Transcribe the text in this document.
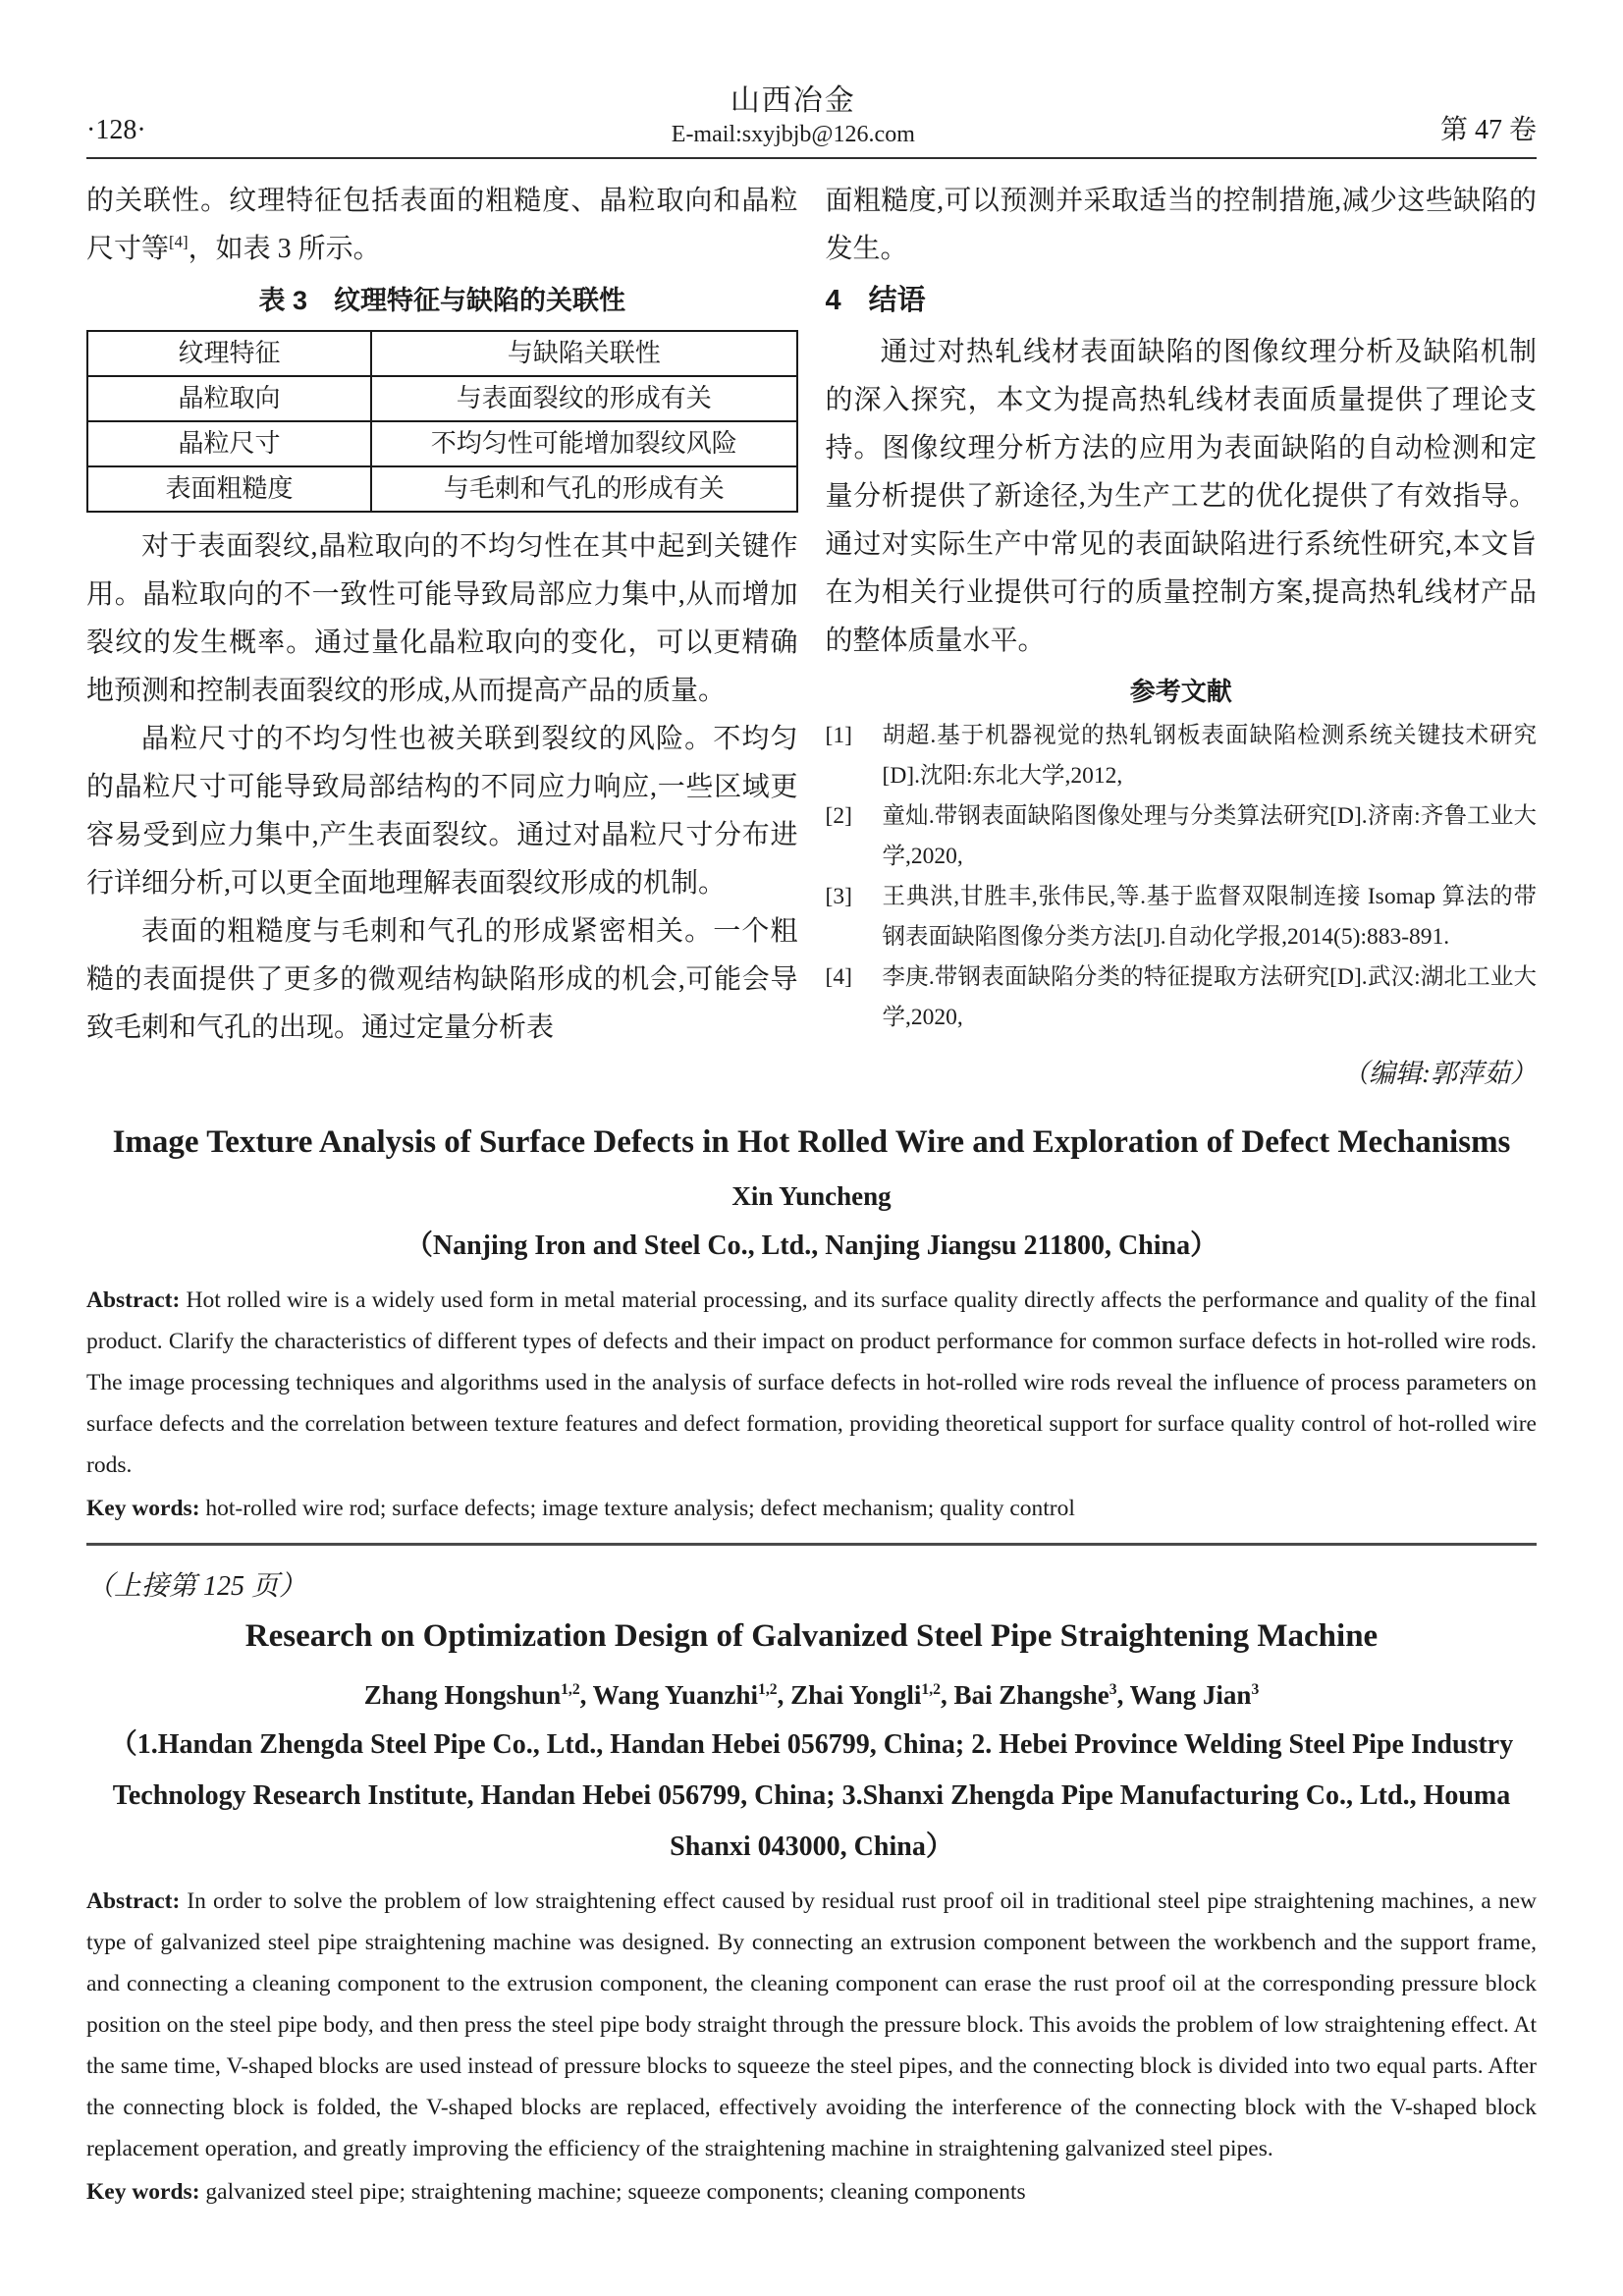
·128·
山西冶金
E-mail:sxyjbjb@126.com	第 47 卷

的关联性。纹理特征包括表面的粗糙度、晶粒取向和晶粒尺寸等[4]，如表 3 所示。

表 3　纹理特征与缺陷的关联性
纹理特征	与缺陷关联性
晶粒取向	与表面裂纹的形成有关
晶粒尺寸	不均匀性可能增加裂纹风险
表面粗糙度	与毛刺和气孔的形成有关

对于表面裂纹,晶粒取向的不均匀性在其中起到关键作用。晶粒取向的不一致性可能导致局部应力集中,从而增加裂纹的发生概率。通过量化晶粒取向的变化，可以更精确地预测和控制表面裂纹的形成,从而提高产品的质量。

晶粒尺寸的不均匀性也被关联到裂纹的风险。不均匀的晶粒尺寸可能导致局部结构的不同应力响应,一些区域更容易受到应力集中,产生表面裂纹。通过对晶粒尺寸分布进行详细分析,可以更全面地理解表面裂纹形成的机制。

表面的粗糙度与毛刺和气孔的形成紧密相关。一个粗糙的表面提供了更多的微观结构缺陷形成的机会,可能会导致毛刺和气孔的出现。通过定量分析表

面粗糙度,可以预测并采取适当的控制措施,减少这些缺陷的发生。

4 结语

通过对热轧线材表面缺陷的图像纹理分析及缺陷机制的深入探究，本文为提高热轧线材表面质量提供了理论支持。图像纹理分析方法的应用为表面缺陷的自动检测和定量分析提供了新途径,为生产工艺的优化提供了有效指导。通过对实际生产中常见的表面缺陷进行系统性研究,本文旨在为相关行业提供可行的质量控制方案,提高热轧线材产品的整体质量水平。

参考文献
[1]	胡超.基于机器视觉的热轧钢板表面缺陷检测系统关键技术研究[D].沈阳:东北大学,2012,
[2]	童灿.带钢表面缺陷图像处理与分类算法研究[D].济南:齐鲁工业大学,2020,
[3]	王典洪,甘胜丰,张伟民,等.基于监督双限制连接 Isomap 算法的带钢表面缺陷图像分类方法[J].自动化学报,2014(5):883-891.
[4]	李庚.带钢表面缺陷分类的特征提取方法研究[D].武汉:湖北工业大学,2020,
（编辑:郭萍茹）
Image Texture Analysis of Surface Defects in Hot Rolled Wire and Exploration of Defect Mechanisms
Xin Yuncheng
（Nanjing Iron and Steel Co., Ltd., Nanjing Jiangsu 211800, China）
Abstract: Hot rolled wire is a widely used form in metal material processing, and its surface quality directly affects the performance and quality of the final product. Clarify the characteristics of different types of defects and their impact on product performance for common surface defects in hot-rolled wire rods. The image processing techniques and algorithms used in the analysis of surface defects in hot-rolled wire rods reveal the influence of process parameters on surface defects and the correlation between texture features and defect formation, providing theoretical support for surface quality control of hot-rolled wire rods.
Key words: hot-rolled wire rod; surface defects; image texture analysis; defect mechanism; quality control
（上接第 125 页）
Research on Optimization Design of Galvanized Steel Pipe Straightening Machine
Zhang Hongshun$^{1,2}$, Wang Yuanzhi$^{1,2}$, Zhai Yongli$^{1,2}$, Bai Zhangshe$^3$, Wang Jian$^3$
（1.Handan Zhengda Steel Pipe Co., Ltd., Handan Hebei 056799, China; 2. Hebei Province Welding Steel Pipe Industry Technology Research Institute, Handan Hebei 056799, China; 3.Shanxi Zhengda Pipe Manufacturing Co., Ltd., Houma Shanxi 043000, China）
Abstract: In order to solve the problem of low straightening effect caused by residual rust proof oil in traditional steel pipe straightening machines, a new type of galvanized steel pipe straightening machine was designed. By connecting an extrusion component between the workbench and the support frame, and connecting a cleaning component to the extrusion component, the cleaning component can erase the rust proof oil at the corresponding pressure block position on the steel pipe body, and then press the steel pipe body straight through the pressure block. This avoids the problem of low straightening effect. At the same time, V-shaped blocks are used instead of pressure blocks to squeeze the steel pipes, and the connecting block is divided into two equal parts. After the connecting block is folded, the V-shaped blocks are replaced, effectively avoiding the interference of the connecting block with the V-shaped block replacement operation, and greatly improving the efficiency of the straightening machine in straightening galvanized steel pipes.
Key words: galvanized steel pipe; straightening machine; squeeze components; cleaning components
